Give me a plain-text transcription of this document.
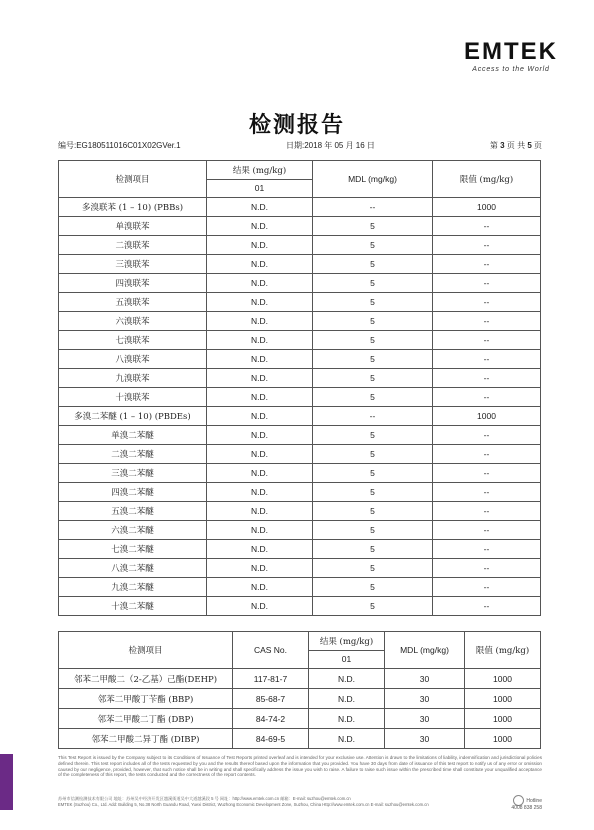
EMTEK
Access to the World
检测报告
编号:EG180511016C01X02GVer.1	日期:2018 年 05 月 16 日	第 3 页 共 5 页
检测项目	结果 (mg/kg)	MDL (mg/kg)	限值 (mg/kg)
	01		
多溴联苯 (1 – 10) (PBBs)	N.D.	--	1000
单溴联苯	N.D.	5	--
二溴联苯	N.D.	5	--
三溴联苯	N.D.	5	--
四溴联苯	N.D.	5	--
五溴联苯	N.D.	5	--
六溴联苯	N.D.	5	--
七溴联苯	N.D.	5	--
八溴联苯	N.D.	5	--
九溴联苯	N.D.	5	--
十溴联苯	N.D.	5	--
多溴二苯醚 (1 – 10) (PBDEs)	N.D.	--	1000
单溴二苯醚	N.D.	5	--
二溴二苯醚	N.D.	5	--
三溴二苯醚	N.D.	5	--
四溴二苯醚	N.D.	5	--
五溴二苯醚	N.D.	5	--
六溴二苯醚	N.D.	5	--
七溴二苯醚	N.D.	5	--
八溴二苯醚	N.D.	5	--
九溴二苯醚	N.D.	5	--
十溴二苯醚	N.D.	5	--
检测项目	CAS No.	结果 (mg/kg)	MDL (mg/kg)	限值 (mg/kg)
		01		
邻苯二甲酸二（2-乙基）己酯(DEHP)	117-81-7	N.D.	30	1000
邻苯二甲酸丁苄酯 (BBP)	85-68-7	N.D.	30	1000
邻苯二甲酸二丁酯 (DBP)	84-74-2	N.D.	30	1000
邻苯二甲酸二异丁酯 (DIBP)	84-69-5	N.D.	30	1000
This Test Report is issued by the Company subject to its Conditions of Issuance of Test Reports printed overleaf and is intended for your exclusive use. Attention is drawn to the limitations of liability, indemnification and jurisdictional policies defined therein. This test report includes all of the tests requested by you and the results thereof based upon the information that you provided. You have 30 days from date of issuance of this test report to notify us of any error or omission caused by our negligence, provided, however, that such notice shall be in writing and shall specifically address the issue you wish to raise. A failure to raise such issue within the prescribed time shall constitute your unqualified acceptance of the completeness of this report, the tests conducted and the correctness of the report contents.
苏州市信测检测技术有限公司 地址：苏州吴中经济开发区越溪街道吴中大道越溪段 5 号 网址：http://www.emtek.com.cn 邮箱：E-mail: suzhou@emtek.com.cn
EMTEK (Suzhou) Co., Ltd. Add: Building 5, No.38 North Guandu Road, Yuexi District, Wuzhong Economic Development Zone, Suzhou, China Http://www.emtek.com.cn E-mail: suzhou@emtek.com.cn
Hotline
4008 838 258
